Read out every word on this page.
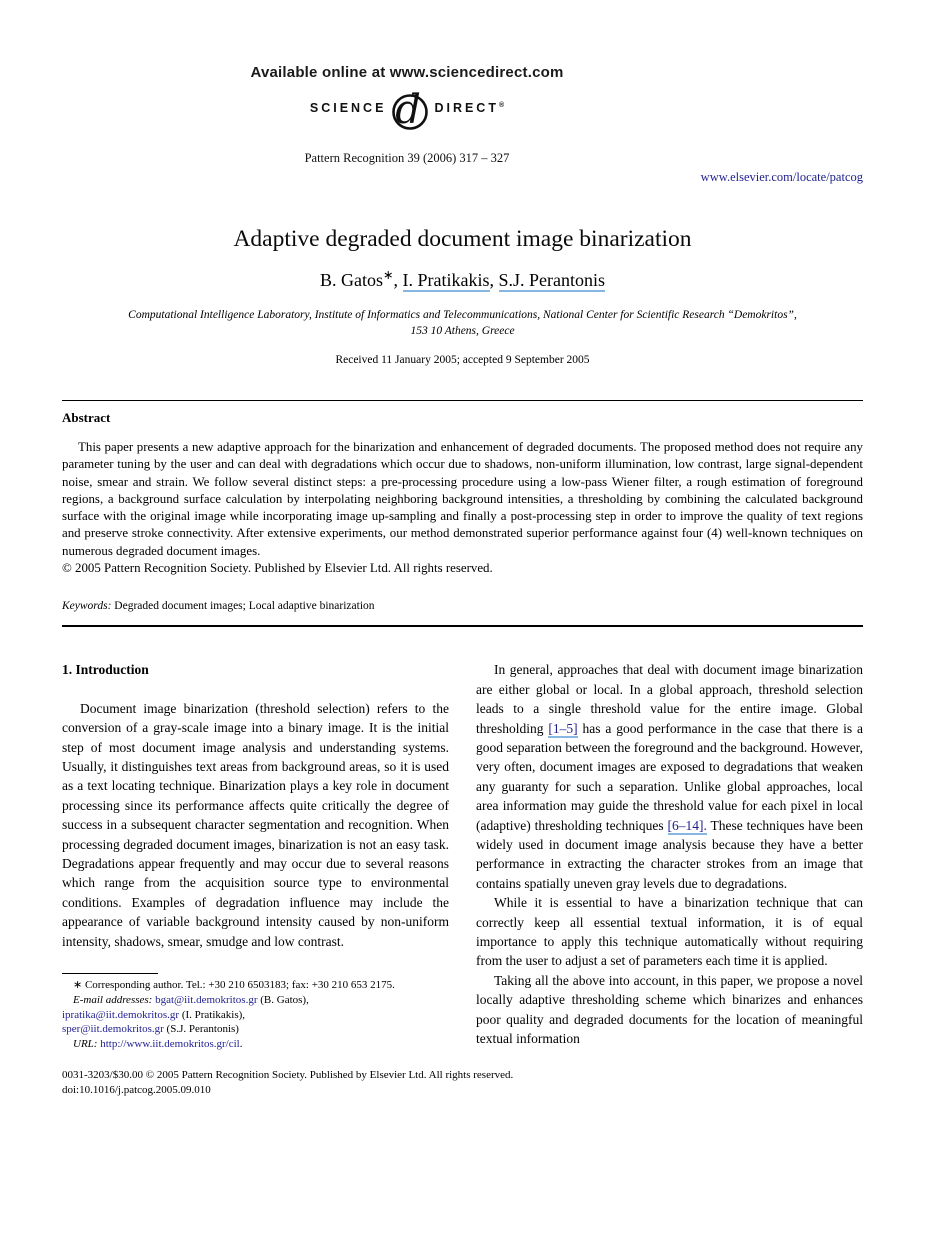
Available online at www.sciencedirect.com
SCIENCE d DIRECT®
Pattern Recognition 39 (2006) 317 – 327
www.elsevier.com/locate/patcog
Adaptive degraded document image binarization
B. Gatos∗, I. Pratikakis, S.J. Perantonis
Computational Intelligence Laboratory, Institute of Informatics and Telecommunications, National Center for Scientific Research “Demokritos”,
153 10 Athens, Greece
Received 11 January 2005; accepted 9 September 2005
Abstract
This paper presents a new adaptive approach for the binarization and enhancement of degraded documents. The proposed method does not require any parameter tuning by the user and can deal with degradations which occur due to shadows, non-uniform illumination, low contrast, large signal-dependent noise, smear and strain. We follow several distinct steps: a pre-processing procedure using a low-pass Wiener filter, a rough estimation of foreground regions, a background surface calculation by interpolating neighboring background intensities, a thresholding by combining the calculated background surface with the original image while incorporating image up-sampling and finally a post-processing step in order to improve the quality of text regions and preserve stroke connectivity. After extensive experiments, our method demonstrated superior performance against four (4) well-known techniques on numerous degraded document images.
© 2005 Pattern Recognition Society. Published by Elsevier Ltd. All rights reserved.
Keywords: Degraded document images; Local adaptive binarization
1. Introduction

Document image binarization (threshold selection) refers to the conversion of a gray-scale image into a binary image. It is the initial step of most document image analysis and understanding systems. Usually, it distinguishes text areas from background areas, so it is used as a text locating technique. Binarization plays a key role in document processing since its performance affects quite critically the degree of success in a subsequent character segmentation and recognition. When processing degraded document images, binarization is not an easy task. Degradations appear frequently and may occur due to several reasons which range from the acquisition source type to environmental conditions. Examples of degradation influence may include the appearance of variable background intensity caused by non-uniform intensity, shadows, smear, smudge and low contrast.

∗ Corresponding author. Tel.: +30 210 6503183; fax: +30 210 653 2175.
E-mail addresses: bgat@iit.demokritos.gr (B. Gatos),
ipratika@iit.demokritos.gr (I. Pratikakis),
sper@iit.demokritos.gr (S.J. Perantonis)
URL: http://www.iit.demokritos.gr/cil.

In general, approaches that deal with document image binarization are either global or local. In a global approach, threshold selection leads to a single threshold value for the entire image. Global thresholding [1–5] has a good performance in the case that there is a good separation between the foreground and the background. However, very often, document images are exposed to degradations that weaken any guaranty for such a separation. Unlike global approaches, local area information may guide the threshold value for each pixel in local (adaptive) thresholding techniques [6–14]. These techniques have been widely used in document image analysis because they have a better performance in extracting the character strokes from an image that contains spatially uneven gray levels due to degradations.

While it is essential to have a binarization technique that can correctly keep all essential textual information, it is of equal importance to apply this technique automatically without requiring from the user to adjust a set of parameters each time it is applied.

Taking all the above into account, in this paper, we propose a novel locally adaptive thresholding scheme which binarizes and enhances poor quality and degraded documents for the location of meaningful textual information

0031-3203/$30.00 © 2005 Pattern Recognition Society. Published by Elsevier Ltd. All rights reserved.
doi:10.1016/j.patcog.2005.09.010
